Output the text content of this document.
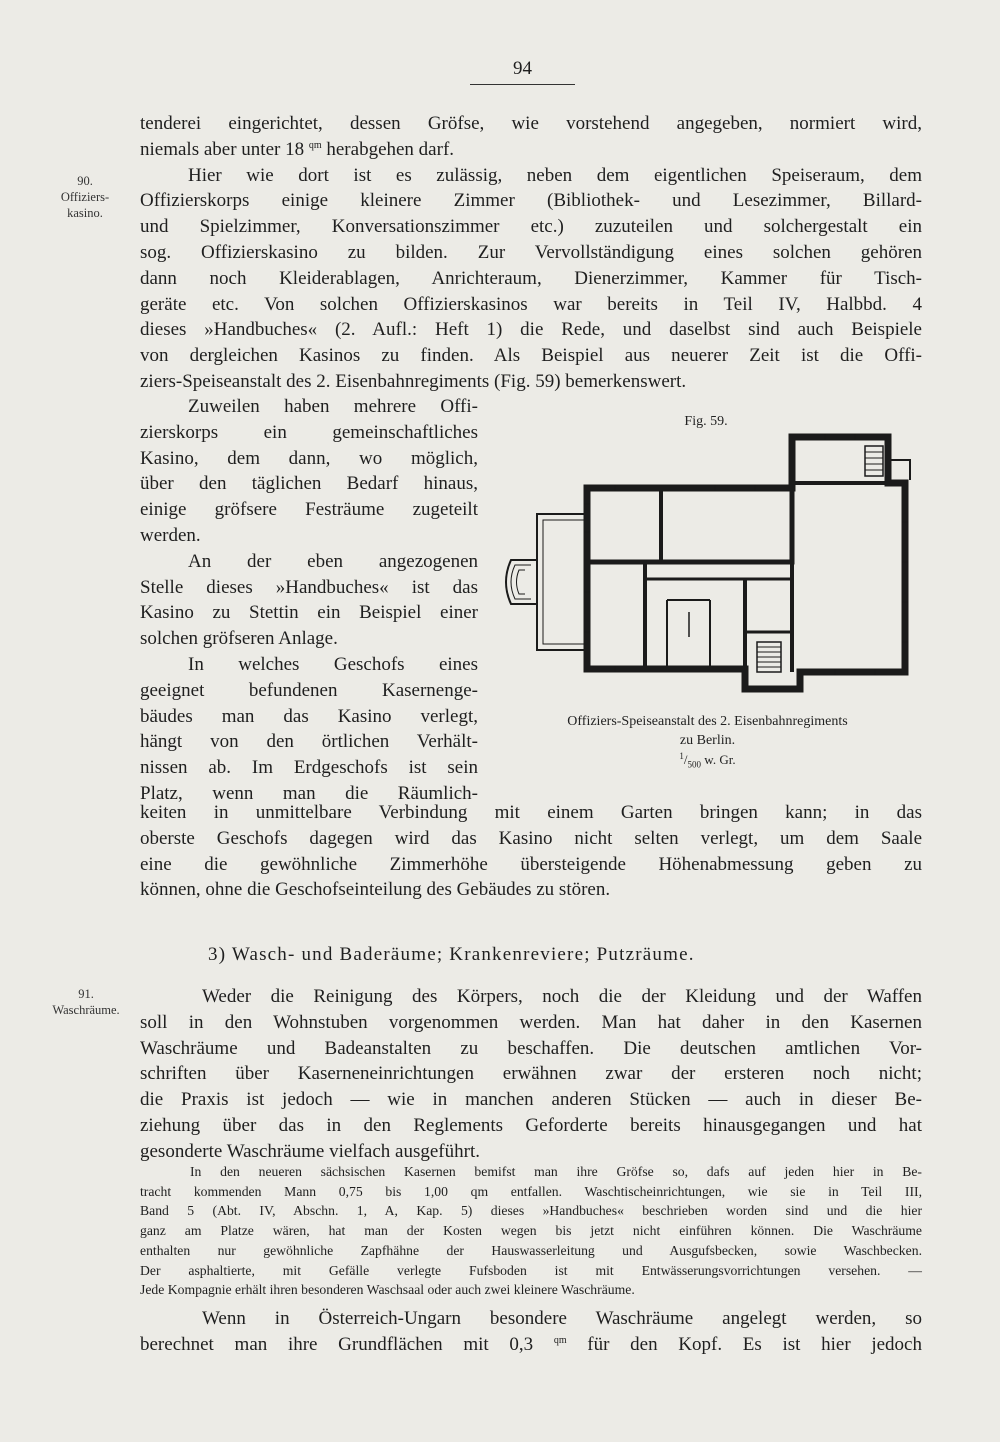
94
90.
Offiziers-
kasino.
91.
Waschräume.
tenderei eingerichtet, dessen Gröfse, wie vorstehend angegeben, normiert wird,
niemals aber unter 18 $^{qm}$ herabgehen darf.
Hier wie dort ist es zulässig, neben dem eigentlichen Speiseraum, dem
Offizierskorps einige kleinere Zimmer (Bibliothek- und Lesezimmer, Billard-
und Spielzimmer, Konversationszimmer etc.) zuzuteilen und solchergestalt ein
sog. Offizierskasino zu bilden. Zur Vervollständigung eines solchen gehören
dann noch Kleiderablagen, Anrichteraum, Dienerzimmer, Kammer für Tisch-
geräte etc. Von solchen Offizierskasinos war bereits in Teil IV, Halbbd. 4
dieses »Handbuches« (2. Aufl.: Heft 1) die Rede, und daselbst sind auch Beispiele
von dergleichen Kasinos zu finden. Als Beispiel aus neuerer Zeit ist die Offi-
ziers-Speiseanstalt des 2. Eisenbahnregiments (Fig. 59) bemerkenswert.
Zuweilen haben mehrere Offi-
zierskorps ein gemeinschaftliches
Kasino, dem dann, wo möglich,
über den täglichen Bedarf hinaus,
einige gröfsere Festräume zugeteilt
werden.
An der eben angezogenen
Stelle dieses »Handbuches« ist das
Kasino zu Stettin ein Beispiel einer
solchen gröfseren Anlage.
In welches Geschofs eines
geeignet befundenen Kasernenge-
bäudes man das Kasino verlegt,
hängt von den örtlichen Verhält-
nissen ab. Im Erdgeschofs ist sein
Platz, wenn man die Räumlich-
Fig. 59.
Offiziers-Speiseanstalt des 2. Eisenbahnregiments
zu Berlin.
$^1/_{500}$ w. Gr.
keiten in unmittelbare Verbindung mit einem Garten bringen kann; in das
oberste Geschofs dagegen wird das Kasino nicht selten verlegt, um dem Saale
eine die gewöhnliche Zimmerhöhe übersteigende Höhenabmessung geben zu
können, ohne die Geschofseinteilung des Gebäudes zu stören.
3) Wasch- und Baderäume; Krankenreviere; Putzräume.
Weder die Reinigung des Körpers, noch die der Kleidung und der Waffen
soll in den Wohnstuben vorgenommen werden. Man hat daher in den Kasernen
Waschräume und Badeanstalten zu beschaffen. Die deutschen amtlichen Vor-
schriften über Kaserneneinrichtungen erwähnen zwar der ersteren noch nicht;
die Praxis ist jedoch — wie in manchen anderen Stücken — auch in dieser Be-
ziehung über das in den Reglements Geforderte bereits hinausgegangen und hat
gesonderte Waschräume vielfach ausgeführt.
In den neueren sächsischen Kasernen bemifst man ihre Gröfse so, dafs auf jeden hier in Be-
tracht kommenden Mann 0,75 bis 1,00 qm entfallen. Waschtischeinrichtungen, wie sie in Teil III,
Band 5 (Abt. IV, Abschn. 1, A, Kap. 5) dieses »Handbuches« beschrieben worden sind und die hier
ganz am Platze wären, hat man der Kosten wegen bis jetzt nicht einführen können. Die Waschräume
enthalten nur gewöhnliche Zapfhähne der Hauswasserleitung und Ausgufsbecken, sowie Waschbecken.
Der asphaltierte, mit Gefälle verlegte Fufsboden ist mit Entwässerungsvorrichtungen versehen. —
Jede Kompagnie erhält ihren besonderen Waschsaal oder auch zwei kleinere Waschräume.
Wenn in Österreich-Ungarn besondere Waschräume angelegt werden, so
berechnet man ihre Grundflächen mit 0,3 $^{qm}$ für den Kopf. Es ist hier jedoch
